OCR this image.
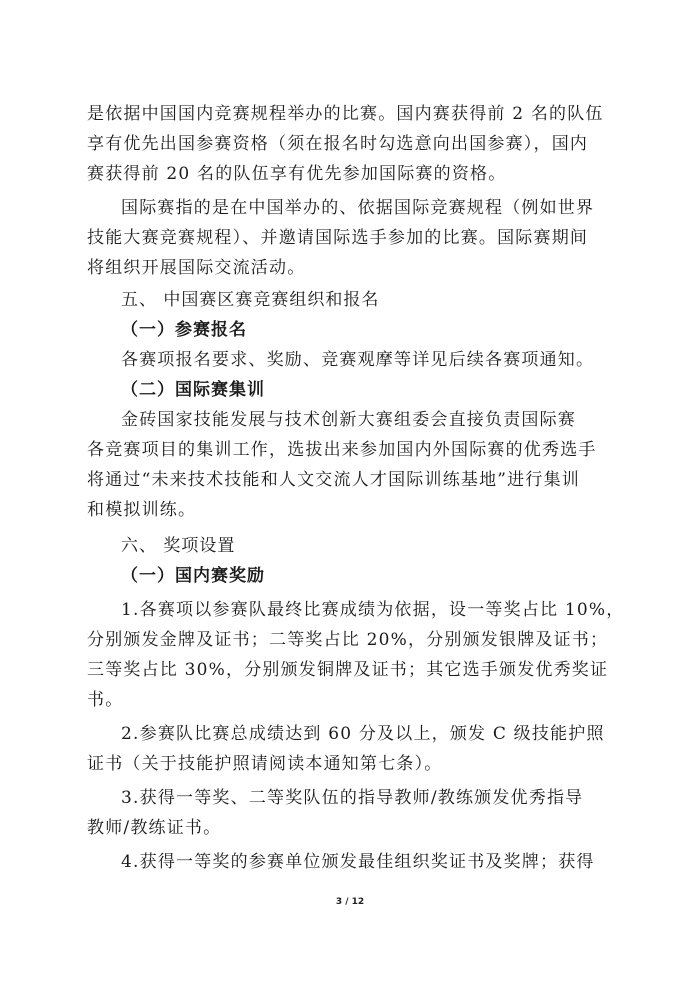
是依据中国国内竞赛规程举办的比赛。国内赛获得前 2 名的队伍
享有优先出国参赛资格（须在报名时勾选意向出国参赛），国内
赛获得前 20 名的队伍享有优先参加国际赛的资格。
国际赛指的是在中国举办的、依据国际竞赛规程（例如世界
技能大赛竞赛规程）、并邀请国际选手参加的比赛。国际赛期间
将组织开展国际交流活动。
五、 中国赛区赛竞赛组织和报名
（一）参赛报名
各赛项报名要求、奖励、竞赛观摩等详见后续各赛项通知。
（二）国际赛集训
金砖国家技能发展与技术创新大赛组委会直接负责国际赛
各竞赛项目的集训工作，选拔出来参加国内外国际赛的优秀选手
将通过“未来技术技能和人文交流人才国际训练基地”进行集训
和模拟训练。
六、 奖项设置
（一）国内赛奖励
1.各赛项以参赛队最终比赛成绩为依据，设一等奖占比 10%，
分别颁发金牌及证书；二等奖占比 20%，分别颁发银牌及证书；
三等奖占比 30%，分别颁发铜牌及证书；其它选手颁发优秀奖证
书。
2.参赛队比赛总成绩达到 60 分及以上，颁发 C 级技能护照
证书（关于技能护照请阅读本通知第七条）。
3.获得一等奖、二等奖队伍的指导教师/教练颁发优秀指导
教师/教练证书。
4.获得一等奖的参赛单位颁发最佳组织奖证书及奖牌；获得
3 / 12
